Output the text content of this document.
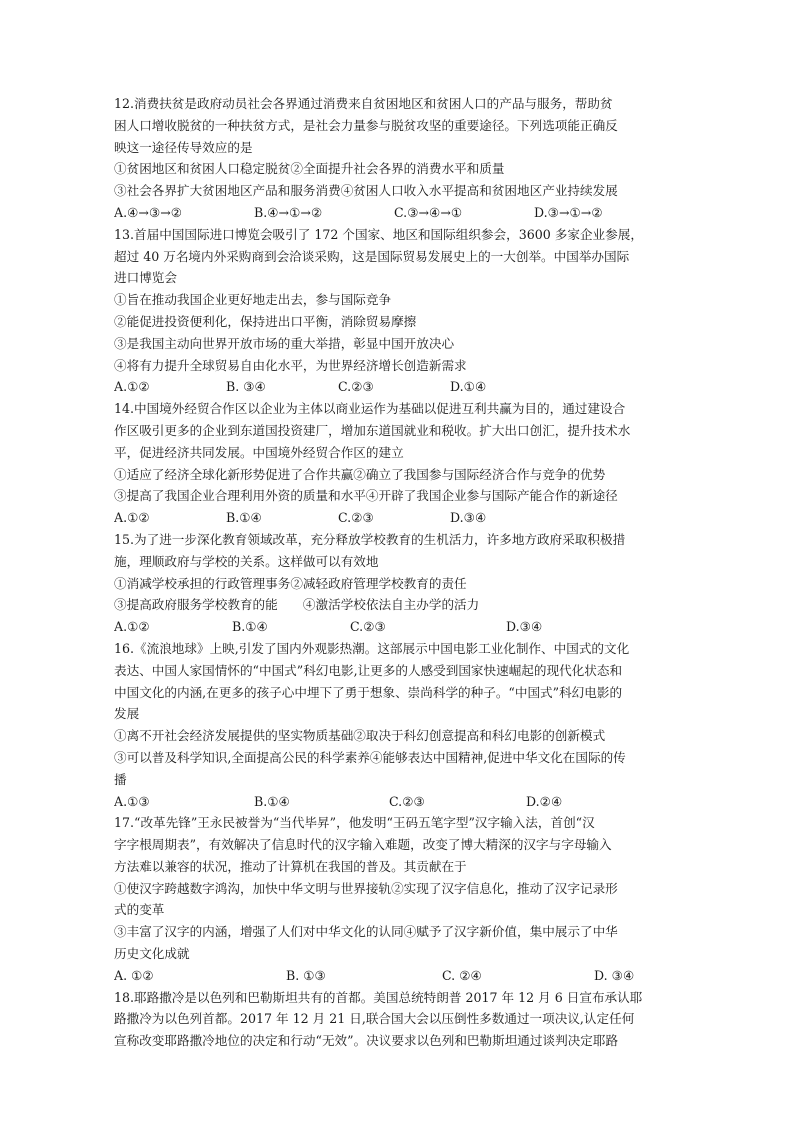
12.消费扶贫是政府动员社会各界通过消费来自贫困地区和贫困人口的产品与服务，帮助贫
困人口增收脱贫的一种扶贫方式，是社会力量参与脱贫攻坚的重要途径。下列选项能正确反
映这一途径传导效应的是
①贫困地区和贫困人口稳定脱贫②全面提升社会各界的消费水平和质量
③社会各界扩大贫困地区产品和服务消费④贫困人口收入水平提高和贫困地区产业持续发展
A.④→③→②	B.④→①→②	C.③→④→①	D.③→①→②
13.首届中国国际进口博览会吸引了 172 个国家、地区和国际组织参会，3600 多家企业参展，
超过 40 万名境内外采购商到会洽谈采购，这是国际贸易发展史上的一大创举。中国举办国际
进口博览会
①旨在推动我国企业更好地走出去，参与国际竞争
②能促进投资便利化，保持进出口平衡，消除贸易摩擦
③是我国主动向世界开放市场的重大举措，彰显中国开放决心
④将有力提升全球贸易自由化水平，为世界经济增长创造新需求
A.①②	B. ③④	C.②③	D.①④
14.中国境外经贸合作区以企业为主体以商业运作为基础以促进互利共赢为目的，通过建设合
作区吸引更多的企业到东道国投资建厂，增加东道国就业和税收。扩大出口创汇，提升技术水
平，促进经济共同发展。中国境外经贸合作区的建立
①适应了经济全球化新形势促进了合作共赢②确立了我国参与国际经济合作与竞争的优势
③提高了我国企业合理利用外资的质量和水平④开辟了我国企业参与国际产能合作的新途径
A.①②	B.①④	C.②③	D.③④
15.为了进一步深化教育领域改革，充分释放学校教育的生机活力，许多地方政府采取积极措
施，理顺政府与学校的关系。这样做可以有效地
①消减学校承担的行政管理事务②减轻政府管理学校教育的责任
③提高政府服务学校教育的能　　④激活学校依法自主办学的活力
A.①②	B.①④	C.②③	D.③④
16.《流浪地球》上映,引发了国内外观影热潮。这部展示中国电影工业化制作、中国式的文化
表达、中国人家国情怀的“中国式”科幻电影,让更多的人感受到国家快速崛起的现代化状态和
中国文化的内涵,在更多的孩子心中埋下了勇于想象、崇尚科学的种子。“中国式”科幻电影的
发展
①离不开社会经济发展提供的坚实物质基础②取决于科幻创意提高和科幻电影的创新模式
③可以普及科学知识,全面提高公民的科学素养④能够表达中国精神,促进中华文化在国际的传
播
A.①③	B.①④	C.②③	D.②④
17.“改革先锋”王永民被誉为“当代毕昇”，他发明“王码五笔字型”汉字输入法，首创“汉
字字根周期表”，有效解决了信息时代的汉字输入难题，改变了博大精深的汉字与字母输入
方法难以兼容的状况，推动了计算机在我国的普及。其贡献在于
①使汉字跨越数字鸿沟，加快中华文明与世界接轨②实现了汉字信息化，推动了汉字记录形
式的变革
③丰富了汉字的内涵，增强了人们对中华文化的认同④赋予了汉字新价值，集中展示了中华
历史文化成就
A. ①②	B. ①③	C. ②④	D. ③④
18.耶路撒冷是以色列和巴勒斯坦共有的首都。美国总统特朗普 2017 年 12 月 6 日宣布承认耶
路撒冷为以色列首都。2017 年 12 月 21 日,联合国大会以压倒性多数通过一项决议,认定任何
宣称改变耶路撒冷地位的决定和行动“无效”。决议要求以色列和巴勒斯坦通过谈判决定耶路
